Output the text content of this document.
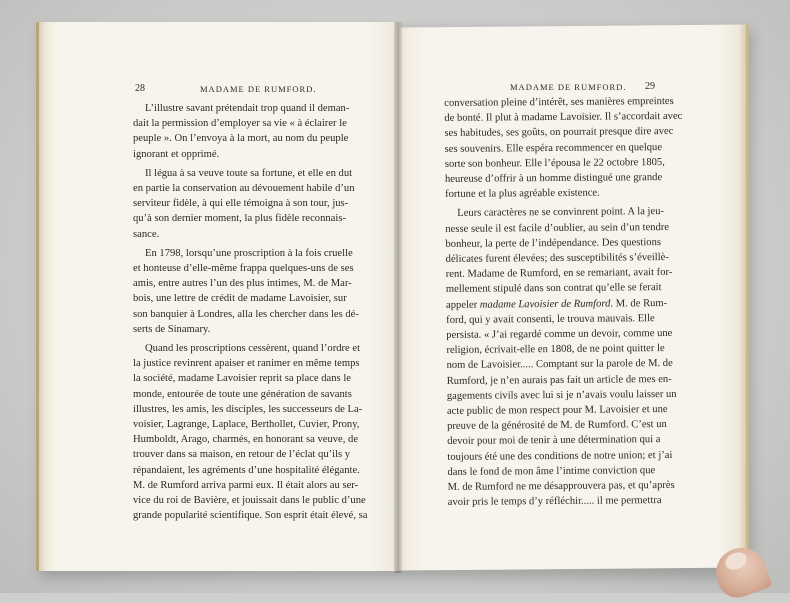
28	MADAME DE RUMFORD.	MADAME DE RUMFORD. 29
L’illustre savant prétendait trop quand il deman-
dait la permission d’employer sa vie « à éclairer le
peuple ». On l’envoya à la mort, au nom du peuple
ignorant et opprimé.
Il légua à sa veuve toute sa fortune, et elle en dut
en partie la conservation au dévouement habile d’un
serviteur fidèle, à qui elle témoigna à son tour, jus-
qu’à son dernier moment, la plus fidèle reconnais-
sance.
En 1798, lorsqu’une proscription à la fois cruelle
et honteuse d’elle-même frappa quelques-uns de ses
amis, entre autres l’un des plus intimes, M. de Mar-
bois, une lettre de crédit de madame Lavoisier, sur
son banquier à Londres, alla les chercher dans les dé-
serts de Sinamary.
Quand les proscriptions cessèrent, quand l’ordre et
la justice revinrent apaiser et ranimer en même temps
la société, madame Lavoisier reprit sa place dans le
monde, entourée de toute une génération de savants
illustres, les amis, les disciples, les successeurs de La-
voisier, Lagrange, Laplace, Berthollet, Cuvier, Prony,
Humboldt, Arago, charmés, en honorant sa veuve, de
trouver dans sa maison, en retour de l’éclat qu’ils y
répandaient, les agréments d’une hospitalité élégante.
M. de Rumford arriva parmi eux. Il était alors au ser-
vice du roi de Bavière, et jouissait dans le public d’une
grande popularité scientifique. Son esprit était élevé, sa
conversation pleine d’intérêt, ses manières empreintes
de bonté. Il plut à madame Lavoisier. Il s’accordait avec
ses habitudes, ses goûts, on pourrait presque dire avec
ses souvenirs. Elle espéra recommencer en quelque
sorte son bonheur. Elle l’épousa le 22 octobre 1805,
heureuse d’offrir à un homme distingué une grande
fortune et la plus agréable existence.
Leurs caractères ne se convinrent point. A la jeu-
nesse seule il est facile d’oublier, au sein d’un tendre
bonheur, la perte de l’indépendance. Des questions
délicates furent élevées; des susceptibilités s’éveillè-
rent. Madame de Rumford, en se remariant, avait for-
mellement stipulé dans son contrat qu’elle se ferait
appeler madame Lavoisier de Rumford. M. de Rum-
ford, qui y avait consenti, le trouva mauvais. Elle
persista. « J’ai regardé comme un devoir, comme une
religion, écrivait-elle en 1808, de ne point quitter le
nom de Lavoisier..... Comptant sur la parole de M. de
Rumford, je n’en aurais pas fait un article de mes en-
gagements civils avec lui si je n’avais voulu laisser un
acte public de mon respect pour M. Lavoisier et une
preuve de la générosité de M. de Rumford. C’est un
devoir pour moi de tenir à une détermination qui a
toujours été une des conditions de notre union; et j’ai
dans le fond de mon âme l’intime conviction que
M. de Rumford ne me désapprouvera pas, et qu’après
avoir pris le temps d’y réfléchir..... il me permettra
